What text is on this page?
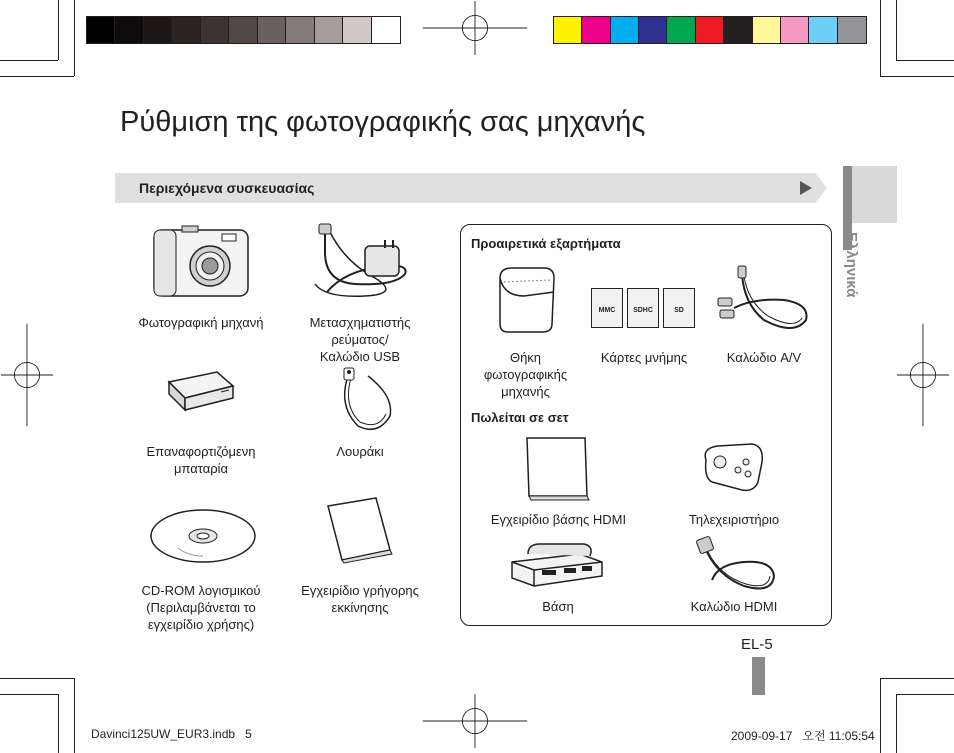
Ρύθμιση της φωτογραφικής σας μηχανής
Περιεχόμενα συσκευασίας
Ελληνικά
Φωτογραφική μηχανή	Μετασχηματιστής
ρεύματος/
Καλώδιο USB
Επαναφορτιζόμενη
μπαταρία
Λουράκι
CD-ROM λογισμικού
(Περιλαμβάνεται το
εγχειρίδιο χρήσης)
Εγχειρίδιο γρήγορης
εκκίνησης
Προαιρετικά εξαρτήματα
Θήκη
φωτογραφικής
μηχανής
MMC	SDHC	SD
Κάρτες μνήμης	Καλώδιο A/V
Πωλείται σε σετ
Εγχειρίδιο βάσης HDMI	Τηλεχειριστήριο
Βάση	Καλώδιο HDMI
EL-5
Davinci125UW_EUR3.indb   5	2009-09-17   오전 11:05:54
